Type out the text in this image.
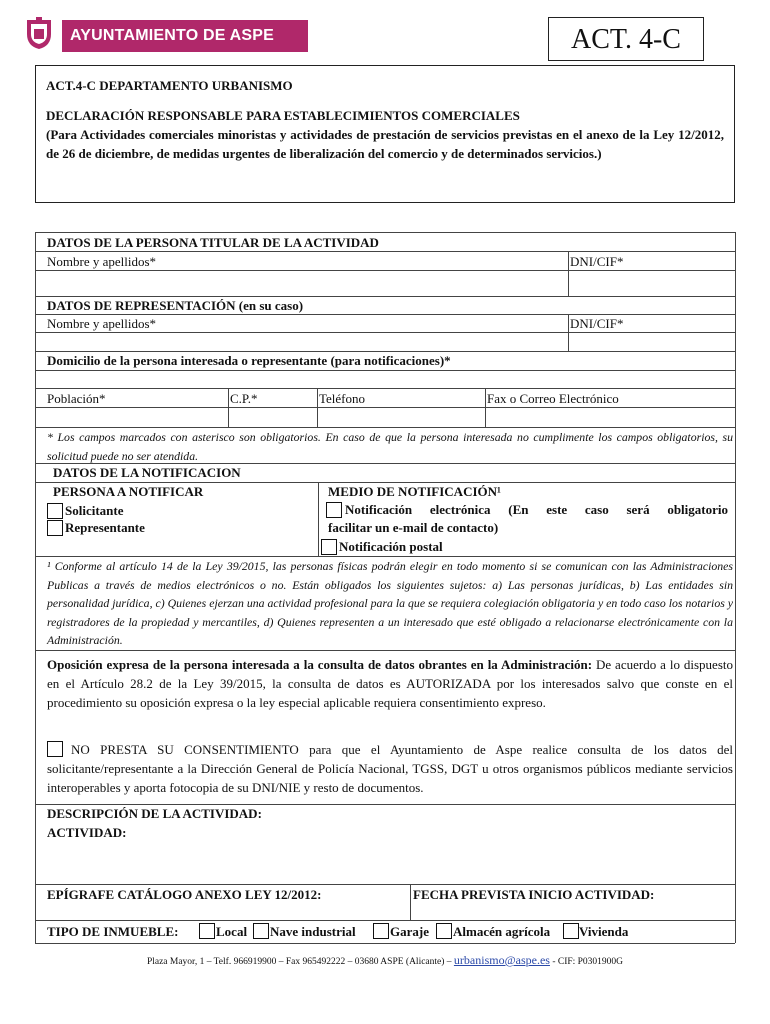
AYUNTAMIENTO DE ASPE	ACT. 4-C
ACT.4-C DEPARTAMENTO URBANISMO
DECLARACIÓN RESPONSABLE PARA ESTABLECIMIENTOS COMERCIALES
(Para Actividades comerciales minoristas y actividades de prestación de servicios previstas en el anexo de la Ley 12/2012, de 26 de diciembre, de medidas urgentes de liberalización del comercio y de determinados servicios.)
DATOS DE LA PERSONA TITULAR DE LA ACTIVIDAD
Nombre y apellidos*	DNI/CIF*
DATOS DE REPRESENTACIÓN (en su caso)
Nombre y apellidos*	DNI/CIF*
Domicilio de la persona interesada o representante (para notificaciones)*
Población*	C.P.*	Teléfono	Fax o Correo Electrónico
* Los campos marcados con asterisco son obligatorios. En caso de que la persona interesada no cumplimente los campos obligatorios, su solicitud puede no ser atendida.
DATOS DE LA NOTIFICACION
PERSONA A NOTIFICAR	MEDIO DE NOTIFICACIÓN¹
Solicitante
Representante
Notificación electrónica (En este caso será obligatorio
facilitar un e-mail de contacto)
Notificación postal
¹ Conforme al artículo 14 de la Ley 39/2015, las personas físicas podrán elegir en todo momento si se comunican con las Administraciones Publicas a través de medios electrónicos o no. Están obligados los siguientes sujetos: a) Las personas jurídicas, b) Las entidades sin personalidad jurídica, c) Quienes ejerzan una actividad profesional para la que se requiera colegiación obligatoria y en todo caso los notarios y registradores de la propiedad y mercantiles, d) Quienes representen a un interesado que esté obligado a relacionarse electrónicamente con la Administración.
Oposición expresa de la persona interesada a la consulta de datos obrantes en la Administración: De acuerdo a lo dispuesto en el Artículo 28.2 de la Ley 39/2015, la consulta de datos es AUTORIZADA por los interesados salvo que conste en el procedimiento su oposición expresa o la ley especial aplicable requiera consentimiento expreso.
NO PRESTA SU CONSENTIMIENTO para que el Ayuntamiento de Aspe realice consulta de los datos del solicitante/representante a la Dirección General de Policía Nacional, TGSS, DGT u otros organismos públicos mediante servicios interoperables y aporta fotocopia de su DNI/NIE y resto de documentos.
DESCRIPCIÓN DE LA ACTIVIDAD:
ACTIVIDAD:
EPÍGRAFE CATÁLOGO ANEXO LEY 12/2012:	FECHA PREVISTA INICIO ACTIVIDAD:
TIPO DE INMUEBLE:	Local Nave industrial	Garaje Almacén agrícola Vivienda
Plaza Mayor, 1 – Telf. 966919900 – Fax 965492222 – 03680 ASPE (Alicante) – urbanismo@aspe.es - CIF: P0301900G
